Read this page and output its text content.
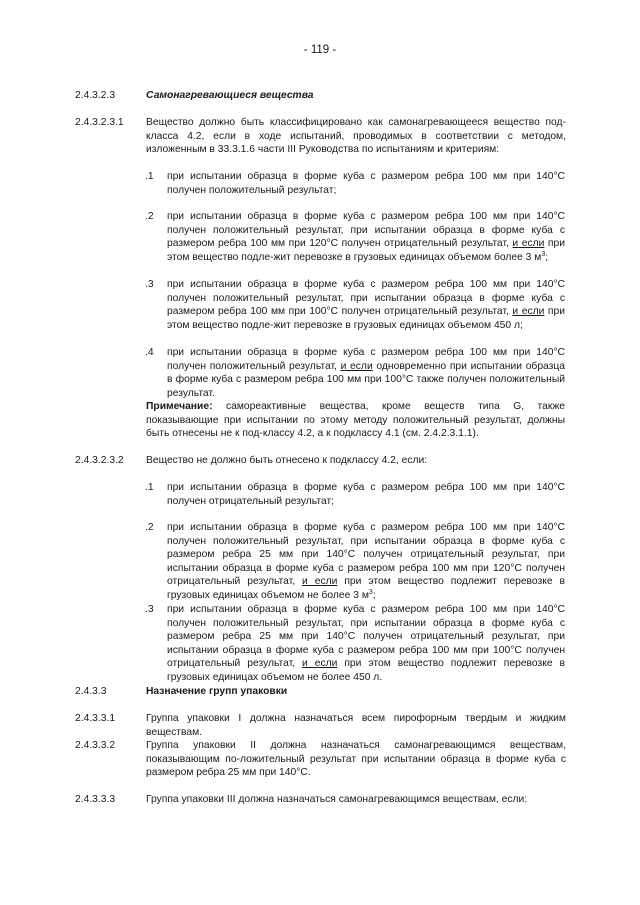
- 119 -
2.4.3.2.3	Самонагревающиеся вещества
2.4.3.2.3.1	Вещество должно быть классифицировано как самонагревающееся вещество под-класса 4.2, если в ходе испытаний, проводимых в соответствии с методом, изложенным в 33.3.1.6 части III Руководства по испытаниям и критериям:
.1	при испытании образца в форме куба с размером ребра 100 мм при 140°C получен положительный результат;
.2	при испытании образца в форме куба с размером ребра 100 мм при 140°C получен положительный результат, при испытании образца в форме куба с размером ребра 100 мм при 120°C получен отрицательный результат, и если при этом вещество подле-жит перевозке в грузовых единицах объемом более 3 $м^3$;
.3	при испытании образца в форме куба с размером ребра 100 мм при 140°C получен положительный результат, при испытании образца в форме куба с размером ребра 100 мм при 100°C получен отрицательный результат, и если при этом вещество подле-жит перевозке в грузовых единицах объемом 450 л;
.4	при испытании образца в форме куба с размером ребра 100 мм при 140°C получен положительный результат, и если одновременно при испытании образца в форме куба с размером ребра 100 мм при 100°C также получен положительный результат.
Примечание: самореактивные вещества, кроме веществ типа G, также показывающие при испытании по этому методу положительный результат, должны быть отнесены не к под-классу 4.2, а к подклассу 4.1 (см. 2.4.2.3.1.1).
2.4.3.2.3.2	Вещество не должно быть отнесено к подклассу 4.2, если:
.1	при испытании образца в форме куба с размером ребра 100 мм при 140°C получен отрицательный результат;
.2	при испытании образца в форме куба с размером ребра 100 мм при 140°C получен положительный результат, при испытании образца в форме куба с размером ребра 25 мм при 140°C получен отрицательный результат, при испытании образца в форме куба с размером ребра 100 мм при 120°C получен отрицательный результат, и если при этом вещество подлежит перевозке в грузовых единицах объемом не более 3 $м^3$;
.3	при испытании образца в форме куба с размером ребра 100 мм при 140°C получен положительный результат, при испытании образца в форме куба с размером ребра 25 мм при 140°C получен отрицательный результат, при испытании образца в форме куба с размером ребра 100 мм при 100°C получен отрицательный результат, и если при этом вещество подлежит перевозке в грузовых единицах объемом не более 450 л.
2.4.3.3	Назначение групп упаковки
2.4.3.3.1	Группа упаковки I должна назначаться всем пирофорным твердым и жидким веществам.
2.4.3.3.2	Группа упаковки II должна назначаться самонагревающимся веществам, показывающим по-ложительный результат при испытании образца в форме куба с размером ребра 25 мм при 140°C.
2.4.3.3.3	Группа упаковки III должна назначаться самонагревающимся веществам, если:
